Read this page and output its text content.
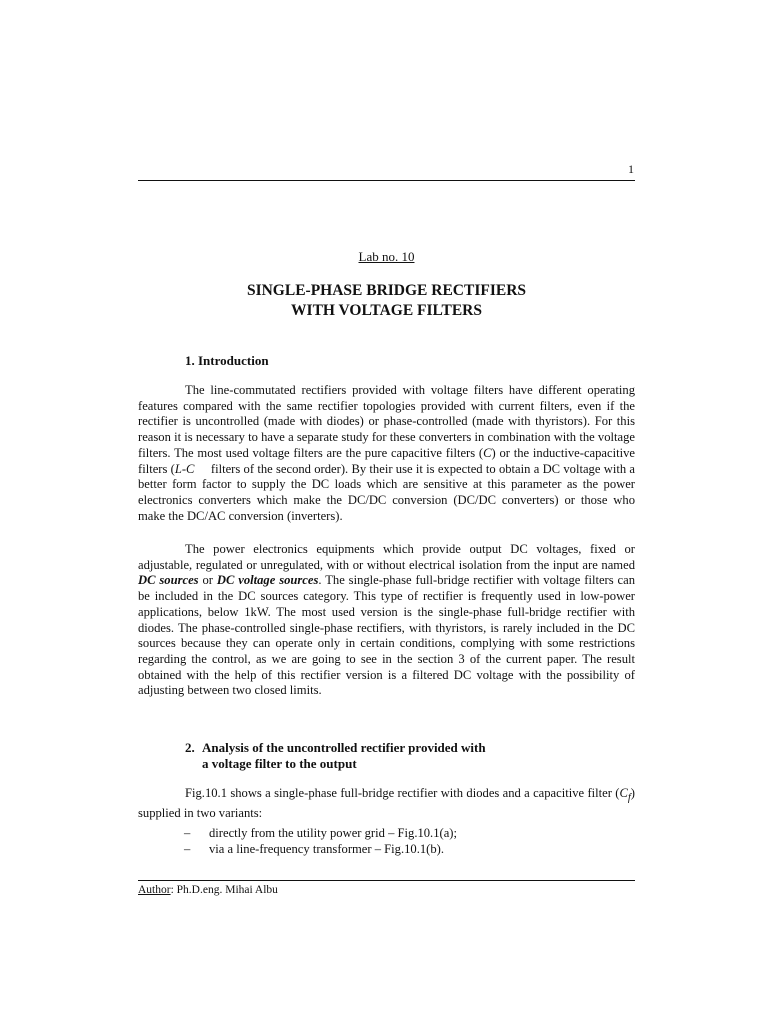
1
Lab no. 10
SINGLE-PHASE BRIDGE RECTIFIERS
WITH VOLTAGE FILTERS
1. Introduction

The line-commutated rectifiers provided with voltage filters have different operating features compared with the same rectifier topologies provided with current filters, even if the rectifier is uncontrolled (made with diodes) or phase-controlled (made with thyristors). For this reason it is necessary to have a separate study for these converters in combination with the voltage filters. The most used voltage filters are the pure capacitive filters (C) or the inductive-capacitive filters (L-C     filters of the second order). By their use it is expected to obtain a DC voltage with a better form factor to supply the DC loads which are sensitive at this parameter as the power electronics converters which make the DC/DC conversion (DC/DC converters) or those who make the DC/AC conversion (inverters).

The power electronics equipments which provide output DC voltages, fixed or adjustable, regulated or unregulated, with or without electrical isolation from the input are named DC sources or DC voltage sources. The single-phase full-bridge rectifier with voltage filters can be included in the DC sources category. This type of rectifier is frequently used in low-power applications, below 1kW. The most used version is the single-phase full-bridge rectifier with diodes. The phase-controlled single-phase rectifiers, with thyristors, is rarely included in the DC sources because they can operate only in certain conditions, complying with some restrictions regarding the control, as we are going to see in the section 3 of the current paper. The result obtained with the help of this rectifier version is a filtered DC voltage with the possibility of adjusting between two closed limits.

2. Analysis of the uncontrolled rectifier provided with
a voltage filter to the output

Fig.10.1 shows a single-phase full-bridge rectifier with diodes and a capacitive filter $(C_f)$ supplied in two variants:

– directly from the utility power grid – Fig.10.1(a);
– via a line-frequency transformer – Fig.10.1(b).
Author: Ph.D.eng. Mihai Albu
